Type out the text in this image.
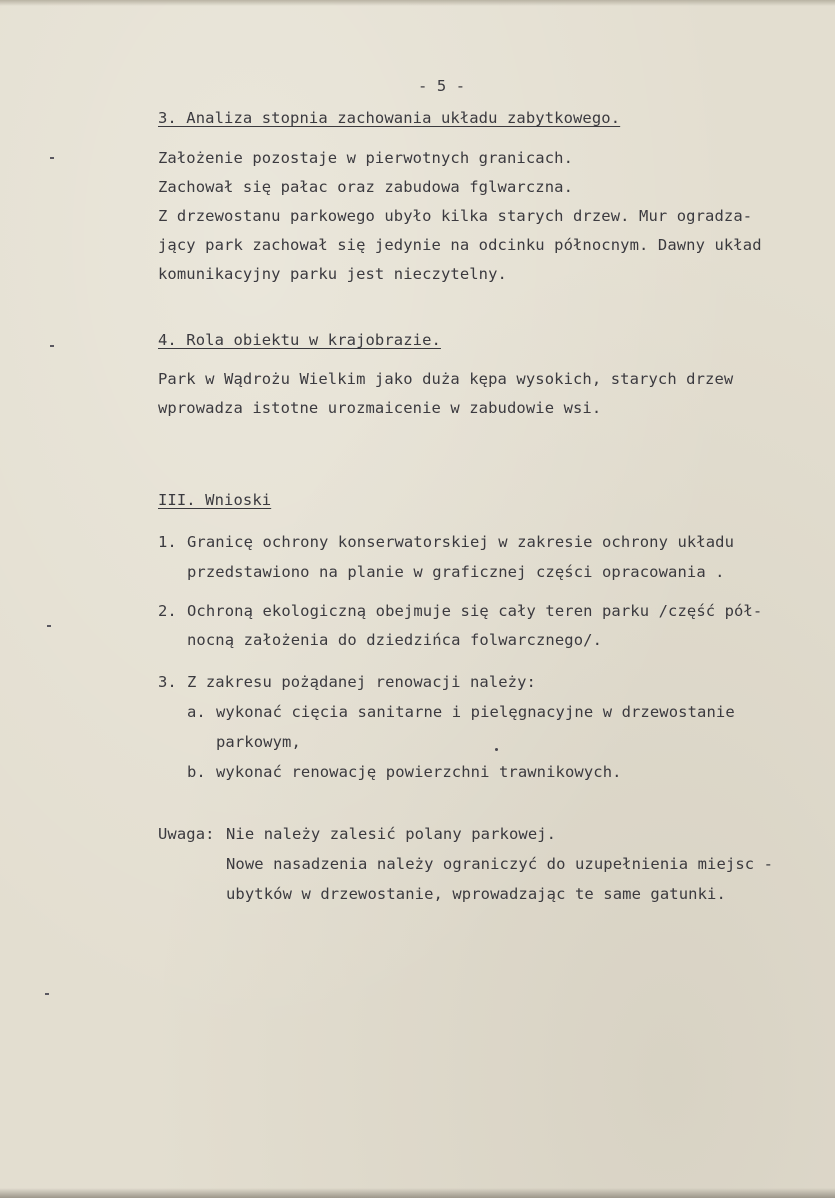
- 5 -
3. Analiza stopnia zachowania układu zabytkowego.
Założenie pozostaje w pierwotnych granicach.
Zachował się pałac oraz zabudowa fglwarczna.
Z drzewostanu parkowego ubyło kilka starych drzew. Mur ogradza-
jący park zachował się jedynie na odcinku północnym. Dawny układ
komunikacyjny parku jest nieczytelny.
4. Rola obiektu w krajobrazie.
Park w Wądrożu Wielkim jako duża kępa wysokich, starych drzew
wprowadza istotne urozmaicenie w zabudowie wsi.
III. Wnioski
1. Granicę ochrony konserwatorskiej w zakresie ochrony układu
przedstawiono na planie w graficznej części opracowania .
2. Ochroną ekologiczną obejmuje się cały teren parku /część pół-
nocną założenia do dziedzińca folwarcznego/.
3. Z zakresu pożądanej renowacji należy:
a. wykonać cięcia sanitarne i pielęgnacyjne w drzewostanie
parkowym,
b. wykonać renowację powierzchni trawnikowych.
Uwaga: Nie należy zalesić polany parkowej.
Nowe nasadzenia należy ograniczyć do uzupełnienia miejsc -
ubytków w drzewostanie, wprowadzając te same gatunki.
